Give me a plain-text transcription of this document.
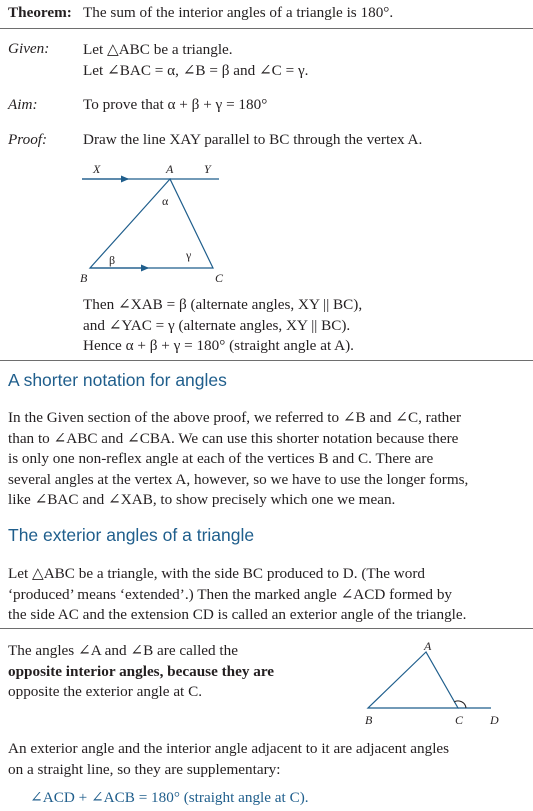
Theorem: The sum of the interior angles of a triangle is 180°.
Given: Let △ABC be a triangle.
Let ∠BAC = α, ∠B = β and ∠C = γ.
Aim:	To prove that α + β + γ = 180°
Proof: Draw the line XAY parallel to BC through the vertex A.
X	A	Y
B	C
α
β	γ
Then ∠XAB = β (alternate angles, XY || BC),
and ∠YAC = γ (alternate angles, XY || BC).
Hence α + β + γ = 180° (straight angle at A).
A shorter notation for angles
In the Given section of the above proof, we referred to ∠B and ∠C, rather
than to ∠ABC and ∠CBA. We can use this shorter notation because there
is only one non-reflex angle at each of the vertices B and C. There are
several angles at the vertex A, however, so we have to use the longer forms,
like ∠BAC and ∠XAB, to show precisely which one we mean.
The exterior angles of a triangle
Let △ABC be a triangle, with the side BC produced to D. (The word
‘produced’ means ‘extended’.) Then the marked angle ∠ACD formed by
the side AC and the extension CD is called an exterior angle of the triangle.
The angles ∠A and ∠B are called the
opposite interior angles, because they are
opposite the exterior angle at C.
A
B	C D
An exterior angle and the interior angle adjacent to it are adjacent angles
on a straight line, so they are supplementary:
∠ACD + ∠ACB = 180° (straight angle at C).
